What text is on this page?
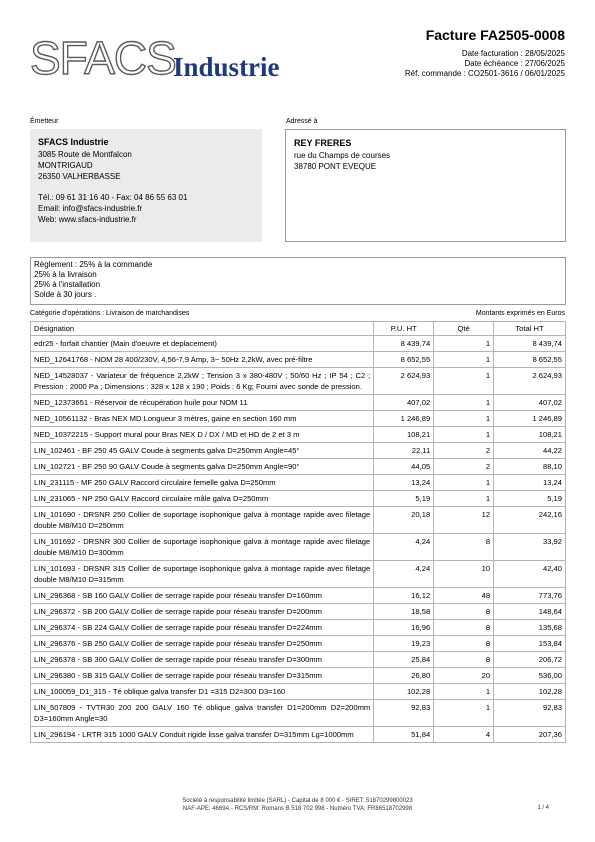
SFACS
Industrie
Facture FA2505-0008
Date facturation : 28/05/2025
Date échéance : 27/06/2025
Réf. commande : CO2501-3616 / 06/01/2025
Émetteur	Adressé à
SFACS Industrie
3085 Route de Montfalcon
MONTRIGAUD
26350 VALHERBASSE
Tél.: 09 61 31 16 40 - Fax: 04 86 55 63 01
Email: info@sfacs-industrie.fr
Web: www.sfacs-industrie.fr
REY FRERES
rue du Champs de courses
38780 PONT EVEQUE
Règlement : 25% à la commande
25% à la livraison
25% à l'installation
Solde à 30 jours .
Catégorie d'opérations : Livraison de marchandises	Montants exprimés en Euros
Désignation	P.U. HT	Qté	Total HT
edr25 - forfait chantier (Main d'oeuvre et deplacement)	8 439,74	1	8 439,74
NED_12641768 - NOM 28 400/230V, 4,56-7,9 Amp, 3~ 50Hz 2,2kW, avec pré-filtre	8 652,55	1	8 652,55
NED_14528037 - Variateur de fréquence 2,2kW ; Tension 3 x 380-480V ; 50/60 Hz ; IP 54 ; C2 ; Pression : 2000 Pa ; Dimensions : 328 x 128 x 190 ; Poids : 6 Kg; Fourni avec sonde de pression.	2 624,93	1	2 624,93
NED_12373651 - Réservoir de récupération huile pour NOM 11	407,02	1	407,02
NED_10561132 - Bras NEX MD Longueur 3 mètres, gaine en section 160 mm	1 246,89	1	1 246,89
NED_10372215 - Support mural pour Bras NEX D / DX / MD et HD de 2 et 3 m	108,21	1	108,21
LIN_102461 - BF 250 45 GALV Coude à segments galva D=250mm Angle=45°	22,11	2	44,22
LIN_102721 - BF 250 90 GALV Coude à segments galva D=250mm Angle=90°	44,05	2	88,10
LIN_231115 - MF 250 GALV Raccord circulaire femelle galva D=250mm	13,24	1	13,24
LIN_231065 - NP 250 GALV Raccord circulaire mâle galva D=250mm	5,19	1	5,19
LIN_101690 - DRSNR 250 Collier de suportage isophonique galva à montage rapide avec filetage double M8/M10 D=250mm	20,18	12	242,16
LIN_101692 - DRSNR 300 Collier de suportage isophonique galva à montage rapide avec filetage double M8/M10 D=300mm	4,24	8	33,92
LIN_101693 - DRSNR 315 Collier de suportage isophonique galva à montage rapide avec filetage double M8/M10 D=315mm	4,24	10	42,40
LIN_296368 - SB 160 GALV Collier de serrage rapide pour réseau transfer D=160mm	16,12	48	773,76
LIN_296372 - SB 200 GALV Collier de serrage rapide pour réseau transfer D=200mm	18,58	8	148,64
LIN_296374 - SB 224 GALV Collier de serrage rapide pour réseau transfer D=224mm	16,96	8	135,68
LIN_296376 - SB 250 GALV Collier de serrage rapide pour réseau transfer D=250mm	19,23	8	153,84
LIN_296378 - SB 300 GALV Collier de serrage rapide pour réseau transfer D=300mm	25,84	8	206,72
LIN_296380 - SB 315 GALV Collier de serrage rapide pour réseau transfer D=315mm	26,80	20	536,00
LIN_100059_D1_315 - Té oblique galva transfer D1 =315 D2=300 D3=160	102,28	1	102,28
LIN_507809 - TVTR30 200 200 GALV 160 Té oblique galva transfer D1=200mm D2=200mm D3=160mm Angle=30	92,83	1	92,83
LIN_296194 - LRTR 315 1000 GALV Conduit rigide lisse galva transfer D=315mm Lg=1000mm	51,84	4	207,36
Société à responsabilité limitée (SARL) - Capital de 8 000 € - SIRET: 51870299800023
NAF-APE: 4669A - RCS/RM: Romans B 518 702 998 - Numéro TVA: FR86518702998	1 / 4
